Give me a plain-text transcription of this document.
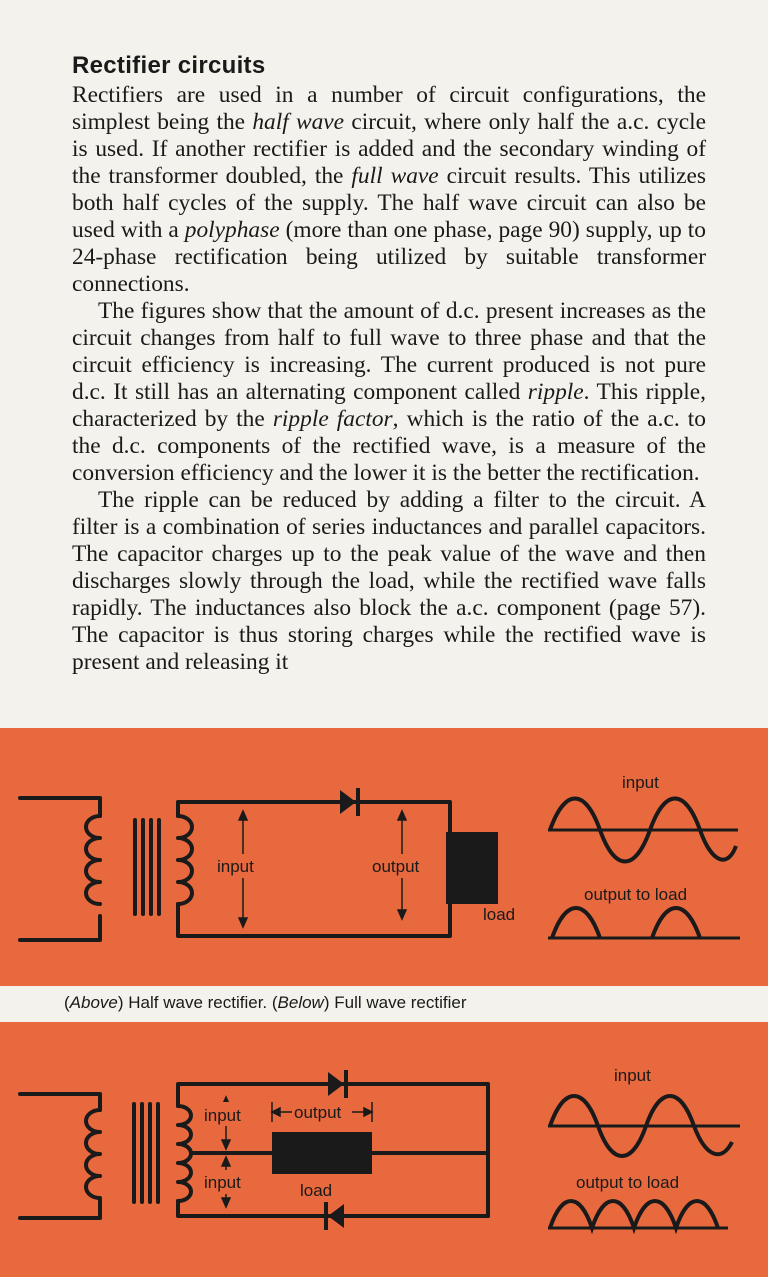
Rectifier circuits

Rectifiers are used in a number of circuit configurations, the simplest being the half wave circuit, where only half the a.c. cycle is used. If another rectifier is added and the secondary winding of the transformer doubled, the full wave circuit results. This utilizes both half cycles of the supply. The half wave circuit can also be used with a polyphase (more than one phase, page 90) supply, up to 24-phase rectification being utilized by suitable transformer connections.

The figures show that the amount of d.c. present increases as the circuit changes from half to full wave to three phase and that the circuit efficiency is increasing. The current produced is not pure d.c. It still has an alternating component called ripple. This ripple, characterized by the ripple factor, which is the ratio of the a.c. to the d.c. components of the rectified wave, is a measure of the conversion efficiency and the lower it is the better the rectification.

The ripple can be reduced by adding a filter to the circuit. A filter is a combination of series inductances and parallel capacitors. The capacitor charges up to the peak value of the wave and then discharges slowly through the load, while the rectified wave falls rapidly. The inductances also block the a.c. component (page 57). The capacitor is thus storing charges while the rectified wave is present and releasing it

input	output
load
input
output to load
(Above) Half wave rectifier. (Below) Full wave rectifier
input
input
output
load
input
output to load
